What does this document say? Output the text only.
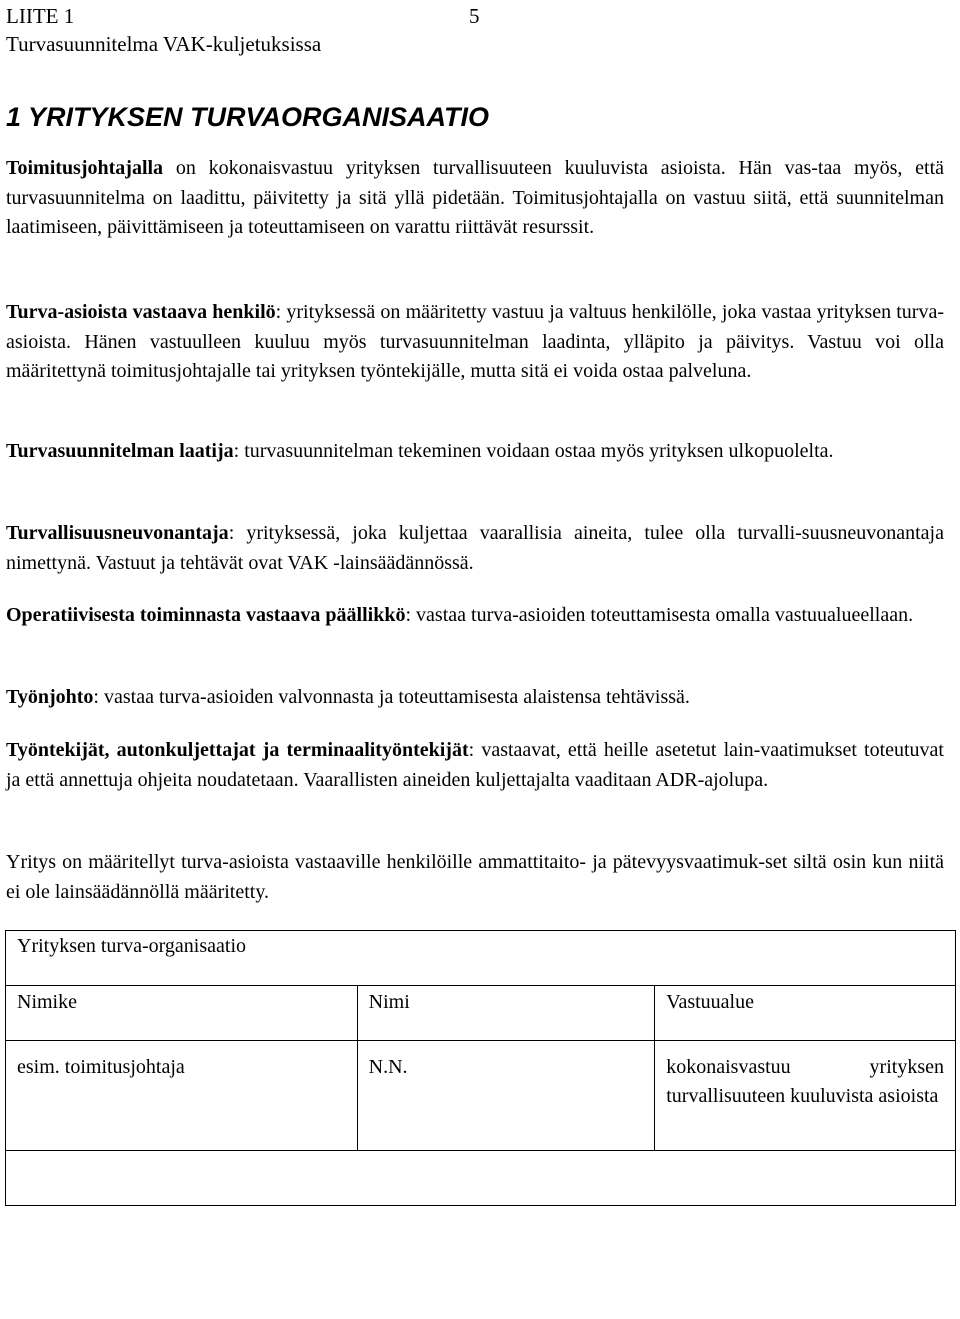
LIITE 1
Turvasuunnitelma VAK-kuljetuksissa
5
1 YRITYKSEN TURVAORGANISAATIO

Toimitusjohtajalla on kokonaisvastuu yrityksen turvallisuuteen kuuluvista asioista. Hän vas-taa myös, että turvasuunnitelma on laadittu, päivitetty ja sitä yllä pidetään. Toimitusjohtajalla on vastuu siitä, että suunnitelman laatimiseen, päivittämiseen ja toteuttamiseen on varattu riittävät resurssit.

Turva-asioista vastaava henkilö: yrityksessä on määritetty vastuu ja valtuus henkilölle, joka vastaa yrityksen turva-asioista. Hänen vastuulleen kuuluu myös turvasuunnitelman laadinta, ylläpito ja päivitys. Vastuu voi olla määritettynä toimitusjohtajalle tai yrityksen työntekijälle, mutta sitä ei voida ostaa palveluna.

Turvasuunnitelman laatija: turvasuunnitelman tekeminen voidaan ostaa myös yrityksen ulkopuolelta.

Turvallisuusneuvonantaja: yrityksessä, joka kuljettaa vaarallisia aineita, tulee olla turvalli-suusneuvonantaja nimettynä. Vastuut ja tehtävät ovat VAK -lainsäädännössä.

Operatiivisesta toiminnasta vastaava päällikkö: vastaa turva-asioiden toteuttamisesta omalla vastuualueellaan.

Työnjohto: vastaa turva-asioiden valvonnasta ja toteuttamisesta alaistensa tehtävissä.

Työntekijät, autonkuljettajat ja terminaalityöntekijät: vastaavat, että heille asetetut lain-vaatimukset toteutuvat ja että annettuja ohjeita noudatetaan. Vaarallisten aineiden kuljettajalta vaaditaan ADR-ajolupa.

Yritys on määritellyt turva-asioista vastaaville henkilöille ammattitaito- ja pätevyysvaatimuk-set siltä osin kun niitä ei ole lainsäädännöllä määritetty.

Yrityksen turva-organisaatio		
Nimike	Nimi	Vastuualue
esim. toimitusjohtaja	N.N.	kokonaisvastuu yrityksen turvallisuuteen kuuluvista asioista
